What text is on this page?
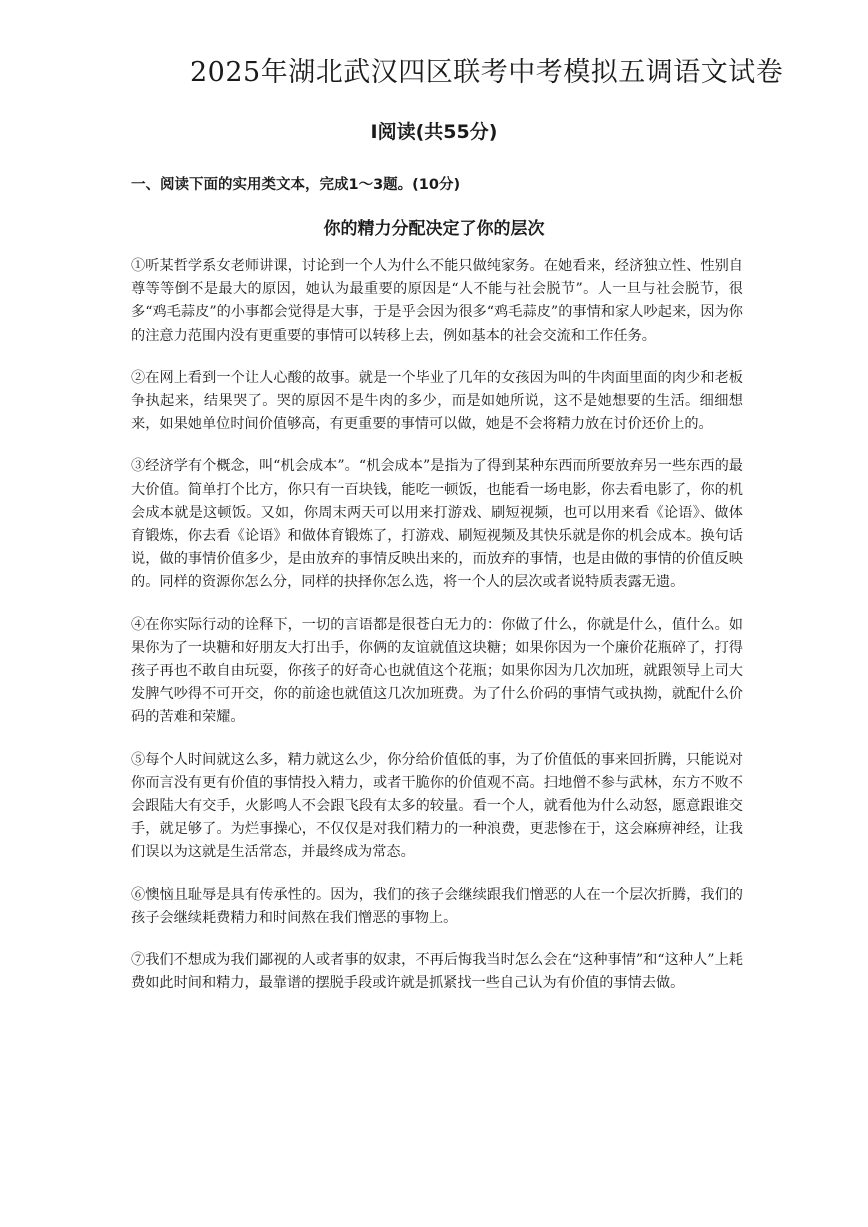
2025年湖北武汉四区联考中考模拟五调语文试卷
Ⅰ阅读(共55分)
一、阅读下面的实用类文本，完成1～3题。(10分)
你的精力分配决定了你的层次

①听某哲学系女老师讲课，讨论到一个人为什么不能只做纯家务。在她看来，经济独立性、性别自尊等等倒不是最大的原因，她认为最重要的原因是“人不能与社会脱节”。人一旦与社会脱节，很多“鸡毛蒜皮”的小事都会觉得是大事，于是乎会因为很多“鸡毛蒜皮”的事情和家人吵起来，因为你的注意力范围内没有更重要的事情可以转移上去，例如基本的社会交流和工作任务。

②在网上看到一个让人心酸的故事。就是一个毕业了几年的女孩因为叫的牛肉面里面的肉少和老板争执起来，结果哭了。哭的原因不是牛肉的多少，而是如她所说，这不是她想要的生活。细细想来，如果她单位时间价值够高，有更重要的事情可以做，她是不会将精力放在讨价还价上的。

③经济学有个概念，叫“机会成本”。“机会成本”是指为了得到某种东西而所要放弃另一些东西的最大价值。简单打个比方，你只有一百块钱，能吃一顿饭，也能看一场电影，你去看电影了，你的机会成本就是这顿饭。又如，你周末两天可以用来打游戏、刷短视频，也可以用来看《论语》、做体育锻炼，你去看《论语》和做体育锻炼了，打游戏、刷短视频及其快乐就是你的机会成本。换句话说，做的事情价值多少，是由放弃的事情反映出来的，而放弃的事情，也是由做的事情的价值反映的。同样的资源你怎么分，同样的抉择你怎么选，将一个人的层次或者说特质表露无遗。

④在你实际行动的诠释下，一切的言语都是很苍白无力的：你做了什么，你就是什么，值什么。如果你为了一块糖和好朋友大打出手，你俩的友谊就值这块糖；如果你因为一个廉价花瓶碎了，打得孩子再也不敢自由玩耍，你孩子的好奇心也就值这个花瓶；如果你因为几次加班，就跟领导上司大发脾气吵得不可开交，你的前途也就值这几次加班费。为了什么价码的事情气或执拗，就配什么价码的苦难和荣耀。

⑤每个人时间就这么多，精力就这么少，你分给价值低的事，为了价值低的事来回折腾，只能说对你而言没有更有价值的事情投入精力，或者干脆你的价值观不高。扫地僧不参与武林，东方不败不会跟陆大有交手，火影鸣人不会跟飞段有太多的较量。看一个人，就看他为什么动怒，愿意跟谁交手，就足够了。为烂事操心，不仅仅是对我们精力的一种浪费，更悲惨在于，这会麻痹神经，让我们误以为这就是生活常态，并最终成为常态。

⑥懊恼且耻辱是具有传承性的。因为，我们的孩子会继续跟我们憎恶的人在一个层次折腾，我们的孩子会继续耗费精力和时间熬在我们憎恶的事物上。

⑦我们不想成为我们鄙视的人或者事的奴隶，不再后悔我当时怎么会在“这种事情”和“这种人”上耗费如此时间和精力，最靠谱的摆脱手段或许就是抓紧找一些自己认为有价值的事情去做。
